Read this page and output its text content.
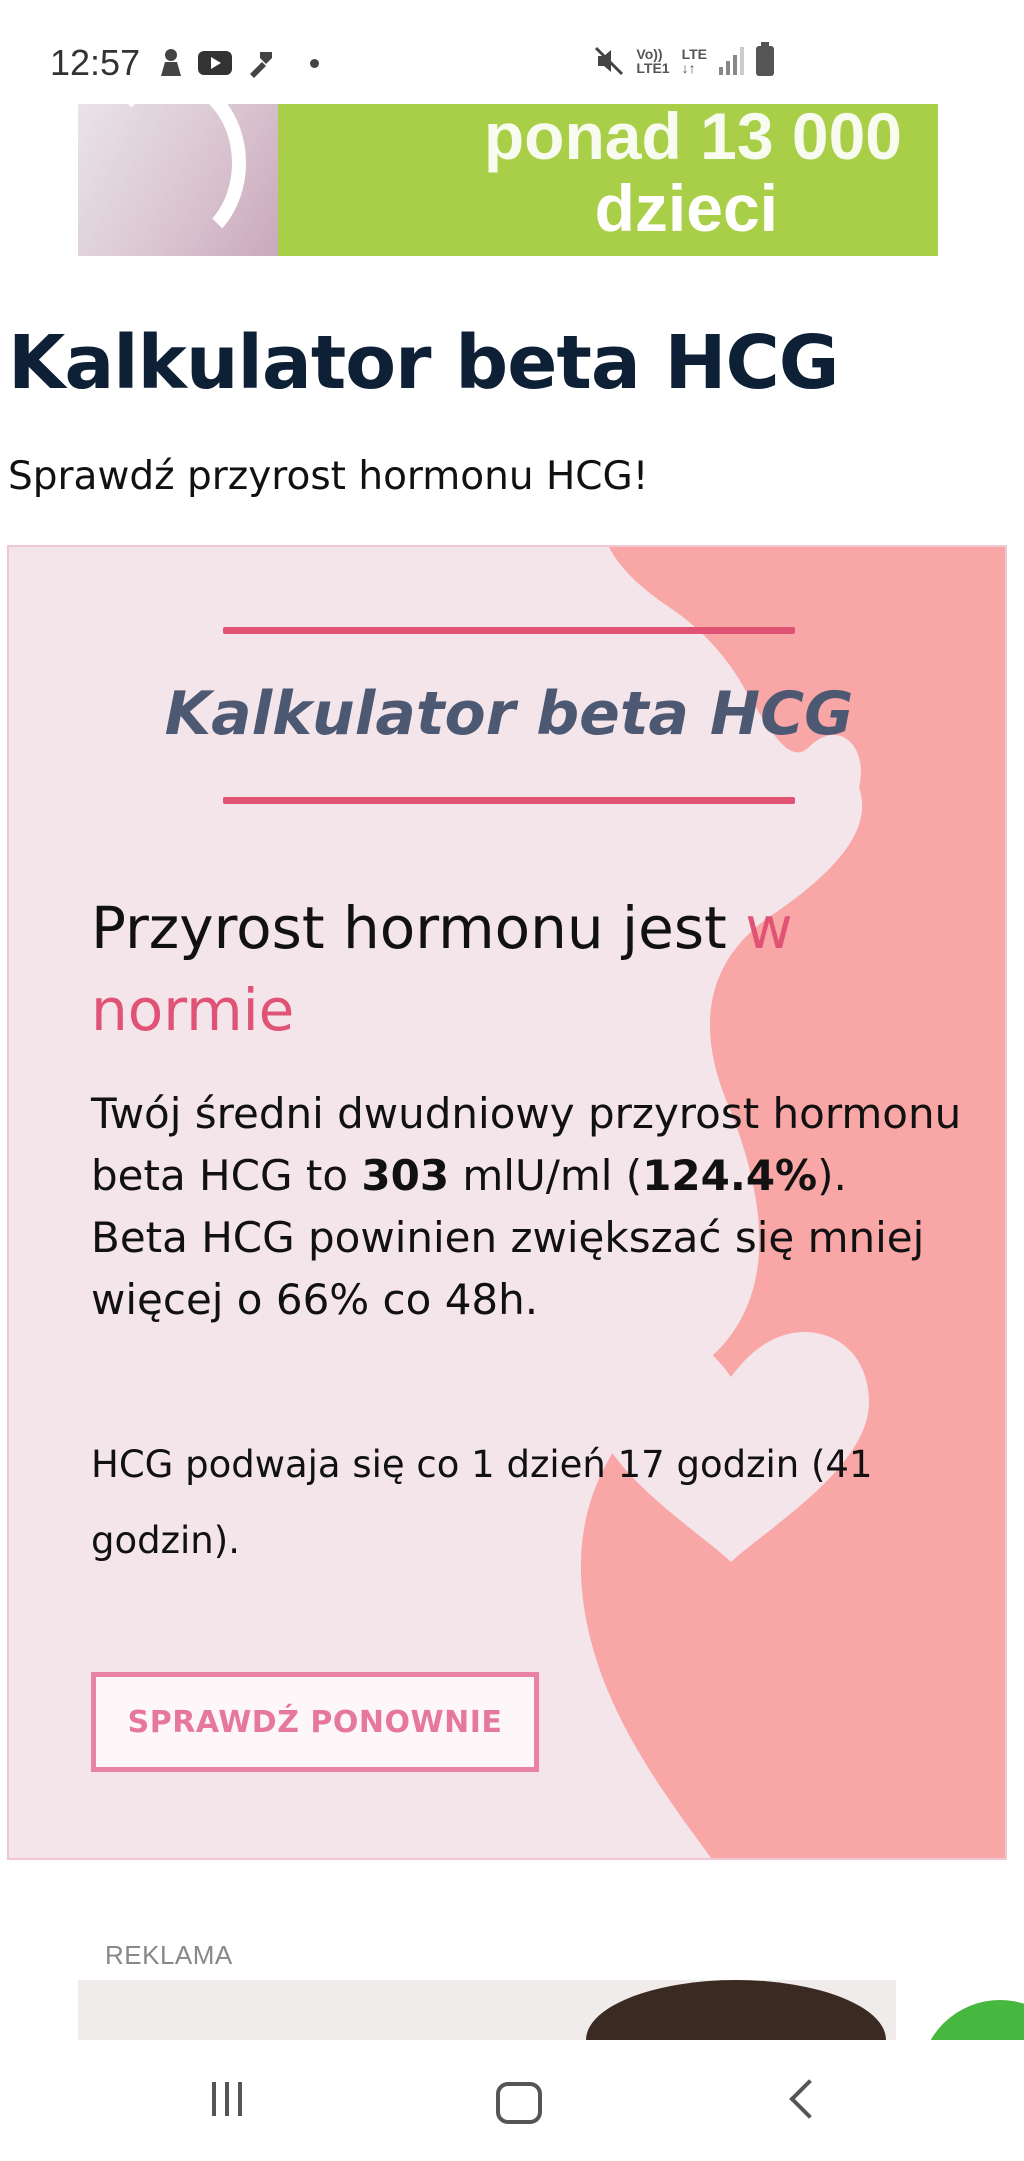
12:57	Vo))
LTE1
LTE
↓↑
ponad 13 000
dzieci
Kalkulator beta HCG
Sprawdź przyrost hormonu HCG!
Kalkulator beta HCG
Przyrost hormonu jest w normie
Twój średni dwudniowy przyrost hormonu beta HCG to 303 mlU/ml (124.4%).
Beta HCG powinien zwiększać się mniej więcej o 66% co 48h.
HCG podwaja się co 1 dzień 17 godzin (41 godzin).
SPRAWDŹ PONOWNIE
REKLAMA
